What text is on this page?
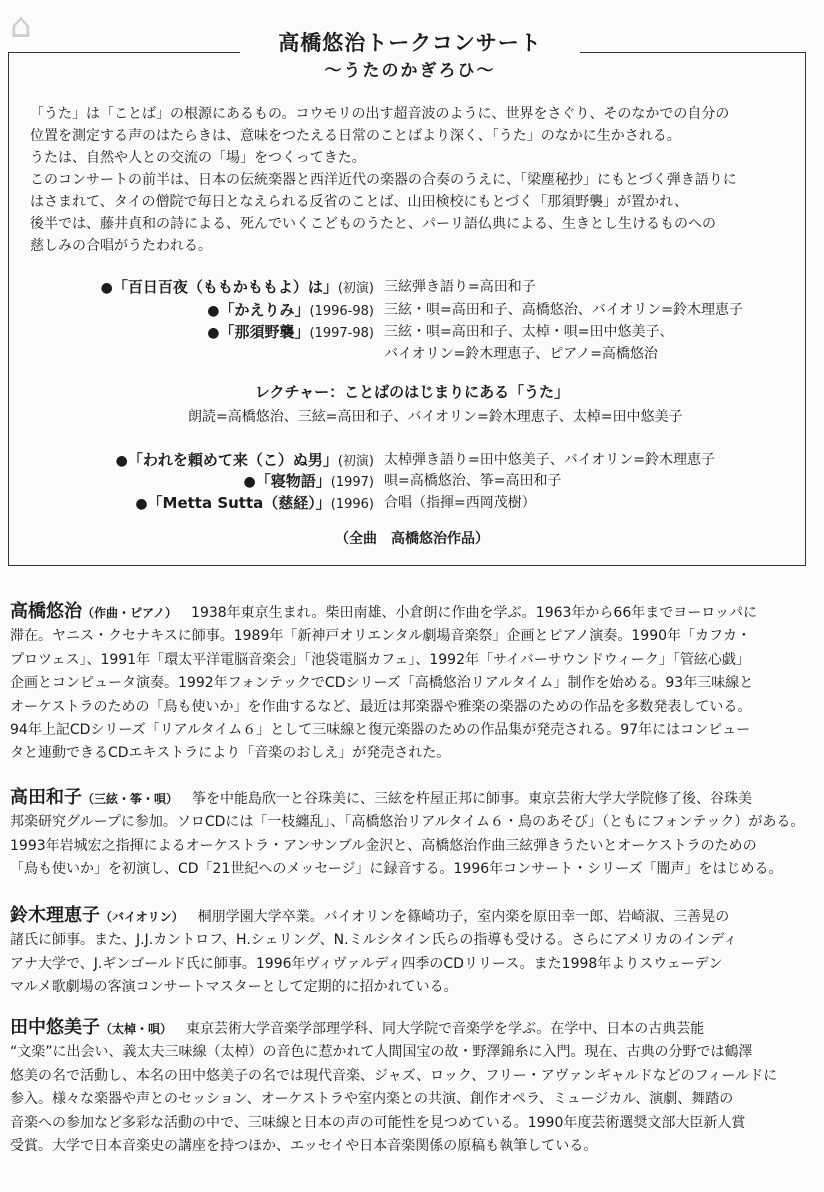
⌂	高橋悠治トークコンサート
～うたのかぎろひ～

「うた」は「ことば」の根源にあるもの。コウモリの出す超音波のように、世界をさぐり、そのなかでの自分の

位置を測定する声のはたらきは、意味をつたえる日常のことばより深く、「うた」のなかに生かされる。

うたは、自然や人との交流の「場」をつくってきた。

このコンサートの前半は、日本の伝統楽器と西洋近代の楽器の合奏のうえに、「梁塵秘抄」にもとづく弾き語りに

はさまれて、タイの僧院で毎日となえられる反省のことば、山田検校にもとづく「那須野襲」が置かれ、

後半では、藤井貞和の詩による、死んでいくこどものうたと、パーリ語仏典による、生きとし生けるものへの

慈しみの合唱がうたわれる。

●「百日百夜（ももかももよ）は」(初演) 三絃弾き語り=高田和子
●「かえりみ」(1996-98) 三絃・唄=高田和子、高橋悠治、バイオリン=鈴木理恵子
●「那須野襲」(1997-98) 三絃・唄=高田和子、太棹・唄=田中悠美子、
バイオリン=鈴木理恵子、ピアノ=高橋悠治
レクチャー：ことばのはじまりにある「うた」
朗読=高橋悠治、三絃=高田和子、バイオリン=鈴木理恵子、太棹=田中悠美子
●「われを頼めて来（こ）ぬ男」(初演) 太棹弾き語り=田中悠美子、バイオリン=鈴木理恵子
●「寝物語」(1997) 唄=高橋悠治、筝=高田和子
●「Metta Sutta（慈経）」(1996) 合唱（指揮=西岡茂樹）
（全曲　高橋悠治作品）

高橋悠治（作曲・ピアノ） 1938年東京生まれ。柴田南雄、小倉朗に作曲を学ぶ。1963年から66年までヨーロッパに

滞在。ヤニス・クセナキスに師事。1989年「新神戸オリエンタル劇場音楽祭」企画とピアノ演奏。1990年「カフカ・

プロツェス」、1991年「環太平洋電脳音楽会」「池袋電脳カフェ」、1992年「サイバーサウンドウィーク」「管絃心戯」

企画とコンピュータ演奏。1992年フォンテックでCDシリーズ「高橋悠治リアルタイム」制作を始める。93年三味線と

オーケストラのための「鳥も使いか」を作曲するなど、最近は邦楽器や雅楽の楽器のための作品を多数発表している。

94年上記CDシリーズ「リアルタイム６」として三味線と復元楽器のための作品集が発売される。97年にはコンピュー

タと連動できるCDエキストラにより「音楽のおしえ」が発売された。

高田和子（三絃・筝・唄） 筝を中能島欣一と谷珠美に、三絃を杵屋正邦に師事。東京芸術大学大学院修了後、谷珠美

邦楽研究グループに参加。ソロCDには「一枝纏乱」、「高橋悠治リアルタイム６・鳥のあそび」（ともにフォンテック）がある。

1993年岩城宏之指揮によるオーケストラ・アンサンブル金沢と、高橋悠治作曲三絃弾きうたいとオーケストラのための

「鳥も使いか」を初演し、CD「21世紀へのメッセージ」に録音する。1996年コンサート・シリーズ「闇声」をはじめる。

鈴木理恵子（バイオリン） 桐朋学園大学卒業。バイオリンを篠崎功子，室内楽を原田幸一郎、岩崎淑、三善晃の

諸氏に師事。また、J.J.カントロフ、H.シェリング、N.ミルシタイン氏らの指導も受ける。さらにアメリカのインディ

アナ大学で、J.ギンゴールド氏に師事。1996年ヴィヴァルディ四季のCDリリース。また1998年よりスウェーデン

マルメ歌劇場の客演コンサートマスターとして定期的に招かれている。

田中悠美子（太棹・唄） 東京芸術大学音楽学部理学科、同大学院で音楽学を学ぶ。在学中、日本の古典芸能

“文楽”に出会い、義太夫三味線（太棹）の音色に惹かれて人間国宝の故・野澤錦糸に入門。現在、古典の分野では鶴澤

悠美の名で活動し、本名の田中悠美子の名では現代音楽、ジャズ、ロック、フリー・アヴァンギャルドなどのフィールドに

参入。様々な楽器や声とのセッション、オーケストラや室内楽との共演、創作オペラ、ミュージカル、演劇、舞踏の

音楽への参加など多彩な活動の中で、三味線と日本の声の可能性を見つめている。1990年度芸術選奨文部大臣新人賞

受賞。大学で日本音楽史の講座を持つほか、エッセイや日本音楽関係の原稿も執筆している。
